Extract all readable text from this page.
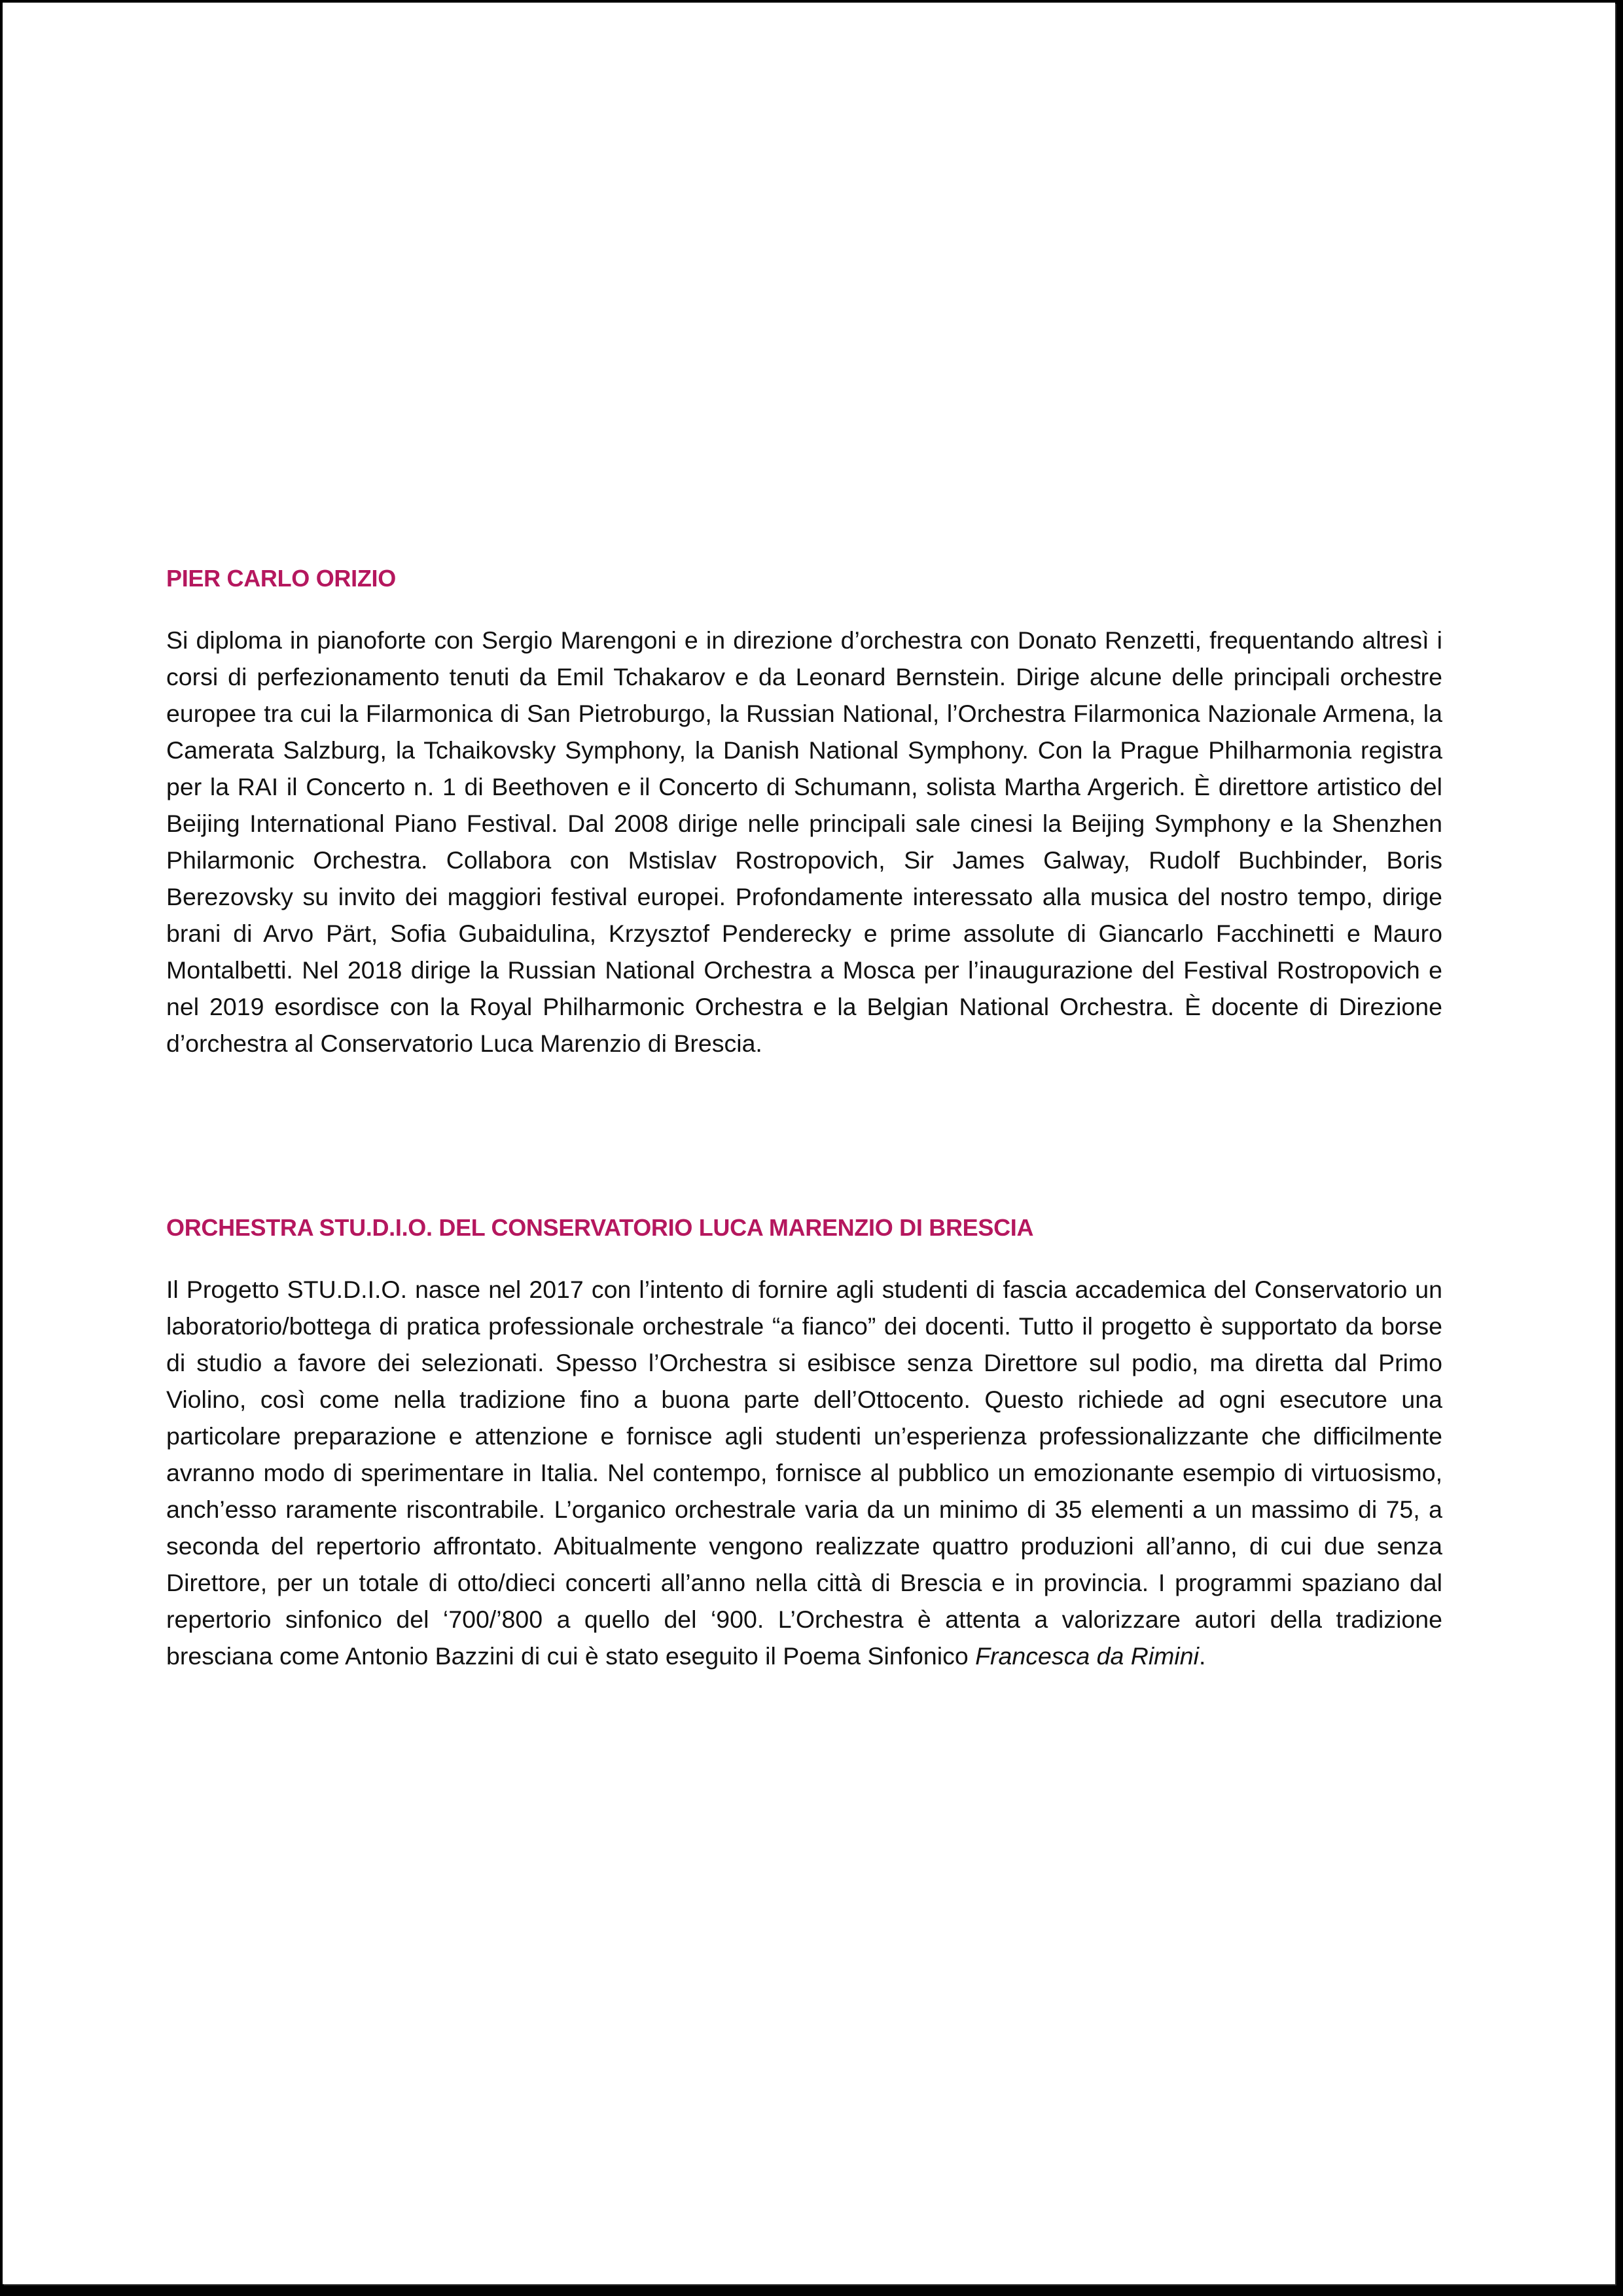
PIER CARLO ORIZIO

Si diploma in pianoforte con Sergio Marengoni e in direzione d’orchestra con Donato Renzetti, frequentando altresì i corsi di perfezionamento tenuti da Emil Tchakarov e da Leonard Bernstein. Dirige alcune delle principali orchestre europee tra cui la Filarmonica di San Pietroburgo, la Russian National, l’Orchestra Filarmonica Nazionale Armena, la Camerata Salzburg, la Tchaikovsky Symphony, la Danish National Symphony. Con la Prague Philharmonia registra per la RAI il Concerto n. 1 di Beethoven e il Concerto di Schumann, solista Martha Argerich. È direttore artistico del Beijing International Piano Festival. Dal 2008 dirige nelle principali sale cinesi la Beijing Symphony e la Shenzhen Philarmonic Orchestra. Collabora con Mstislav Rostropovich, Sir James Galway, Rudolf Buchbinder, Boris Berezovsky su invito dei maggiori festival europei. Profondamente interessato alla musica del nostro tempo, dirige brani di Arvo Pärt, Sofia Gubaidulina, Krzysztof Penderecky e prime assolute di Giancarlo Facchinetti e Mauro Montalbetti. Nel 2018 dirige la Russian National Orchestra a Mosca per l’inaugurazione del Festival Rostropovich e nel 2019 esordisce con la Royal Philharmonic Orchestra e la Belgian National Orchestra. È docente di Direzione d’orchestra al Conservatorio Luca Marenzio di Brescia.

ORCHESTRA STU.D.I.O. DEL CONSERVATORIO LUCA MARENZIO DI BRESCIA

Il Progetto STU.D.I.O. nasce nel 2017 con l’intento di fornire agli studenti di fascia accademica del Conservatorio un laboratorio/bottega di pratica professionale orchestrale “a fianco” dei docenti. Tutto il progetto è supportato da borse di studio a favore dei selezionati. Spesso l’Orchestra si esibisce senza Direttore sul podio, ma diretta dal Primo Violino, così come nella tradizione fino a buona parte dell’Ottocento. Questo richiede ad ogni esecutore una particolare preparazione e attenzione e fornisce agli studenti un’esperienza professionalizzante che difficilmente avranno modo di sperimentare in Italia. Nel contempo, fornisce al pubblico un emozionante esempio di virtuosismo, anch’esso raramente riscontrabile. L’organico orchestrale varia da un minimo di 35 elementi a un massimo di 75, a seconda del repertorio affrontato. Abitualmente vengono realizzate quattro produzioni all’anno, di cui due senza Direttore, per un totale di otto/dieci concerti all’anno nella città di Brescia e in provincia. I programmi spaziano dal repertorio sinfonico del ‘700/’800 a quello del ‘900. L’Orchestra è attenta a valorizzare autori della tradizione bresciana come Antonio Bazzini di cui è stato eseguito il Poema Sinfonico Francesca da Rimini.
